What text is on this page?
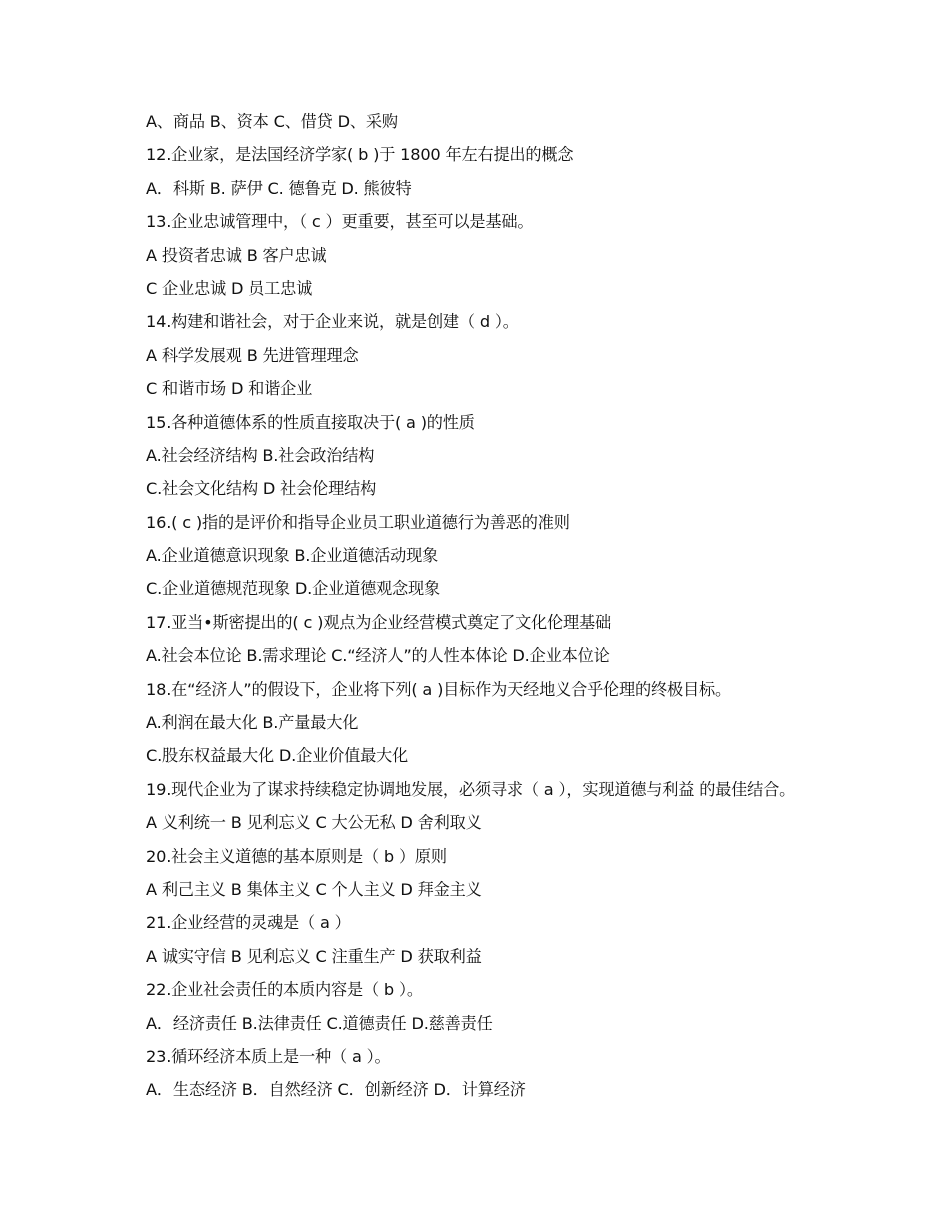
A、商品 B、资本 C、借贷 D、采购
12.企业家，是法国经济学家( b )于 1800 年左右提出的概念
A．科斯 B. 萨伊 C. 德鲁克 D. 熊彼特
13.企业忠诚管理中，（ c ）更重要，甚至可以是基础。
A 投资者忠诚 B 客户忠诚
C 企业忠诚 D 员工忠诚
14.构建和谐社会，对于企业来说，就是创建（ d ）。
A 科学发展观 B 先进管理理念
C 和谐市场 D 和谐企业
15.各种道德体系的性质直接取决于( a )的性质
A.社会经济结构 B.社会政治结构
C.社会文化结构 D 社会伦理结构
16.( c )指的是评价和指导企业员工职业道德行为善恶的准则
A.企业道德意识现象 B.企业道德活动现象
C.企业道德规范现象 D.企业道德观念现象
17.亚当•斯密提出的( c )观点为企业经营模式奠定了文化伦理基础
A.社会本位论 B.需求理论 C.“经济人”的人性本体论 D.企业本位论
18.在“经济人”的假设下，企业将下列( a )目标作为天经地义合乎伦理的终极目标。
A.利润在最大化 B.产量最大化
C.股东权益最大化 D.企业价值最大化
19.现代企业为了谋求持续稳定协调地发展，必须寻求（ a ），实现道德与利益 的最佳结合。
A 义利统一 B 见利忘义 C 大公无私 D 舍利取义
20.社会主义道德的基本原则是（ b ）原则
A 利己主义 B 集体主义 C 个人主义 D 拜金主义
21.企业经营的灵魂是（ a ）
A 诚实守信 B 见利忘义 C 注重生产 D 获取利益
22.企业社会责任的本质内容是（ b ）。
A．经济责任 B.法律责任 C.道德责任 D.慈善责任
23.循环经济本质上是一种（ a ）。
A．生态经济 B．自然经济 C．创新经济 D．计算经济
